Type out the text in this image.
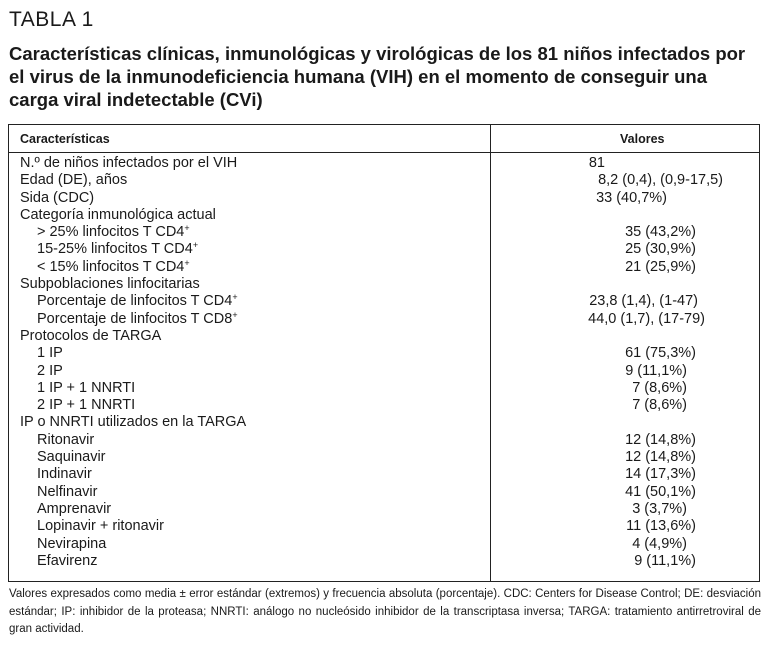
TABLA 1
Características clínicas, inmunológicas y virológicas de los 81 niños infectados por el virus de la inmunodeficiencia humana (VIH) en el momento de conseguir una carga viral indetectable (CVi)
Características	Valores
N.º de niños infectados por el VIH	81
Edad (DE), años	8,2 (0,4), (0,9-17,5)
Sida (CDC)	33 (40,7%)
Categoría inmunológica actual
> 25% linfocitos T CD4+	35 (43,2%)
15-25% linfocitos T CD4+	25 (30,9%)
< 15% linfocitos T CD4+	21 (25,9%)
Subpoblaciones linfocitarias
Porcentaje de linfocitos T CD4+	23,8 (1,4), (1-47)
Porcentaje de linfocitos T CD8+	44,0 (1,7), (17-79)
Protocolos de TARGA
1 IP	61 (75,3%)
2 IP	9 (11,1%)
1 IP + 1 NNRTI	7 (8,6%)
2 IP + 1 NNRTI	7 (8,6%)
IP o NNRTI utilizados en la TARGA
Ritonavir	12 (14,8%)
Saquinavir	12 (14,8%)
Indinavir	14 (17,3%)
Nelfinavir	41 (50,1%)
Amprenavir	3 (3,7%)
Lopinavir + ritonavir	11 (13,6%)
Nevirapina	4 (4,9%)
Efavirenz	9 (11,1%)
Valores expresados como media ± error estándar (extremos) y frecuencia absoluta (porcentaje). CDC: Centers for Disease Control; DE: desviación estándar; IP: inhibidor de la proteasa; NNRTI: análogo no nucleósido inhibidor de la transcriptasa inversa; TARGA: tratamiento antirretroviral de gran actividad.
